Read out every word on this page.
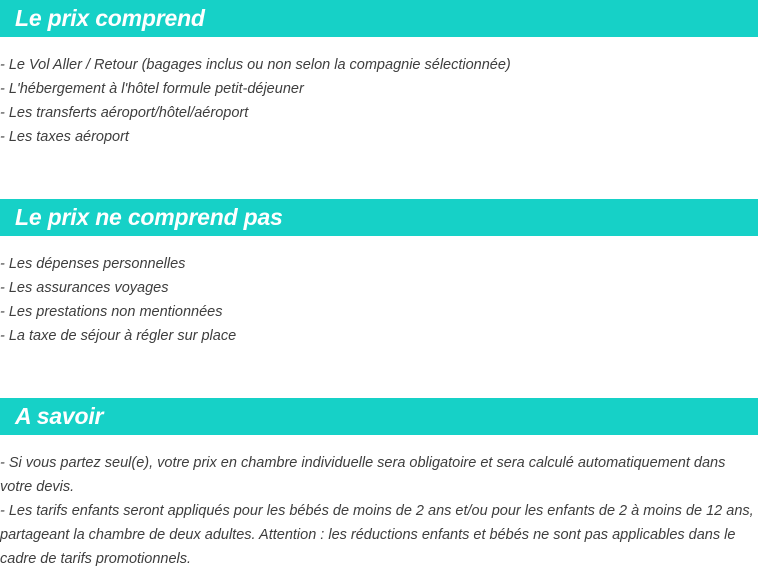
Le prix comprend
- Le Vol Aller / Retour (bagages inclus ou non selon la compagnie sélectionnée)
- L'hébergement à l'hôtel formule petit-déjeuner
- Les transferts aéroport/hôtel/aéroport
- Les taxes aéroport
Le prix ne comprend pas
- Les dépenses personnelles
- Les assurances voyages
- Les prestations non mentionnées
- La taxe de séjour à régler sur place
A savoir
- Si vous partez seul(e), votre prix en chambre individuelle sera obligatoire et sera calculé automatiquement dans votre devis.
- Les tarifs enfants seront appliqués pour les bébés de moins de 2 ans et/ou pour les enfants de 2 à moins de 12 ans, partageant la chambre de deux adultes. Attention : les réductions enfants et bébés ne sont pas applicables dans le cadre de tarifs promotionnels.
